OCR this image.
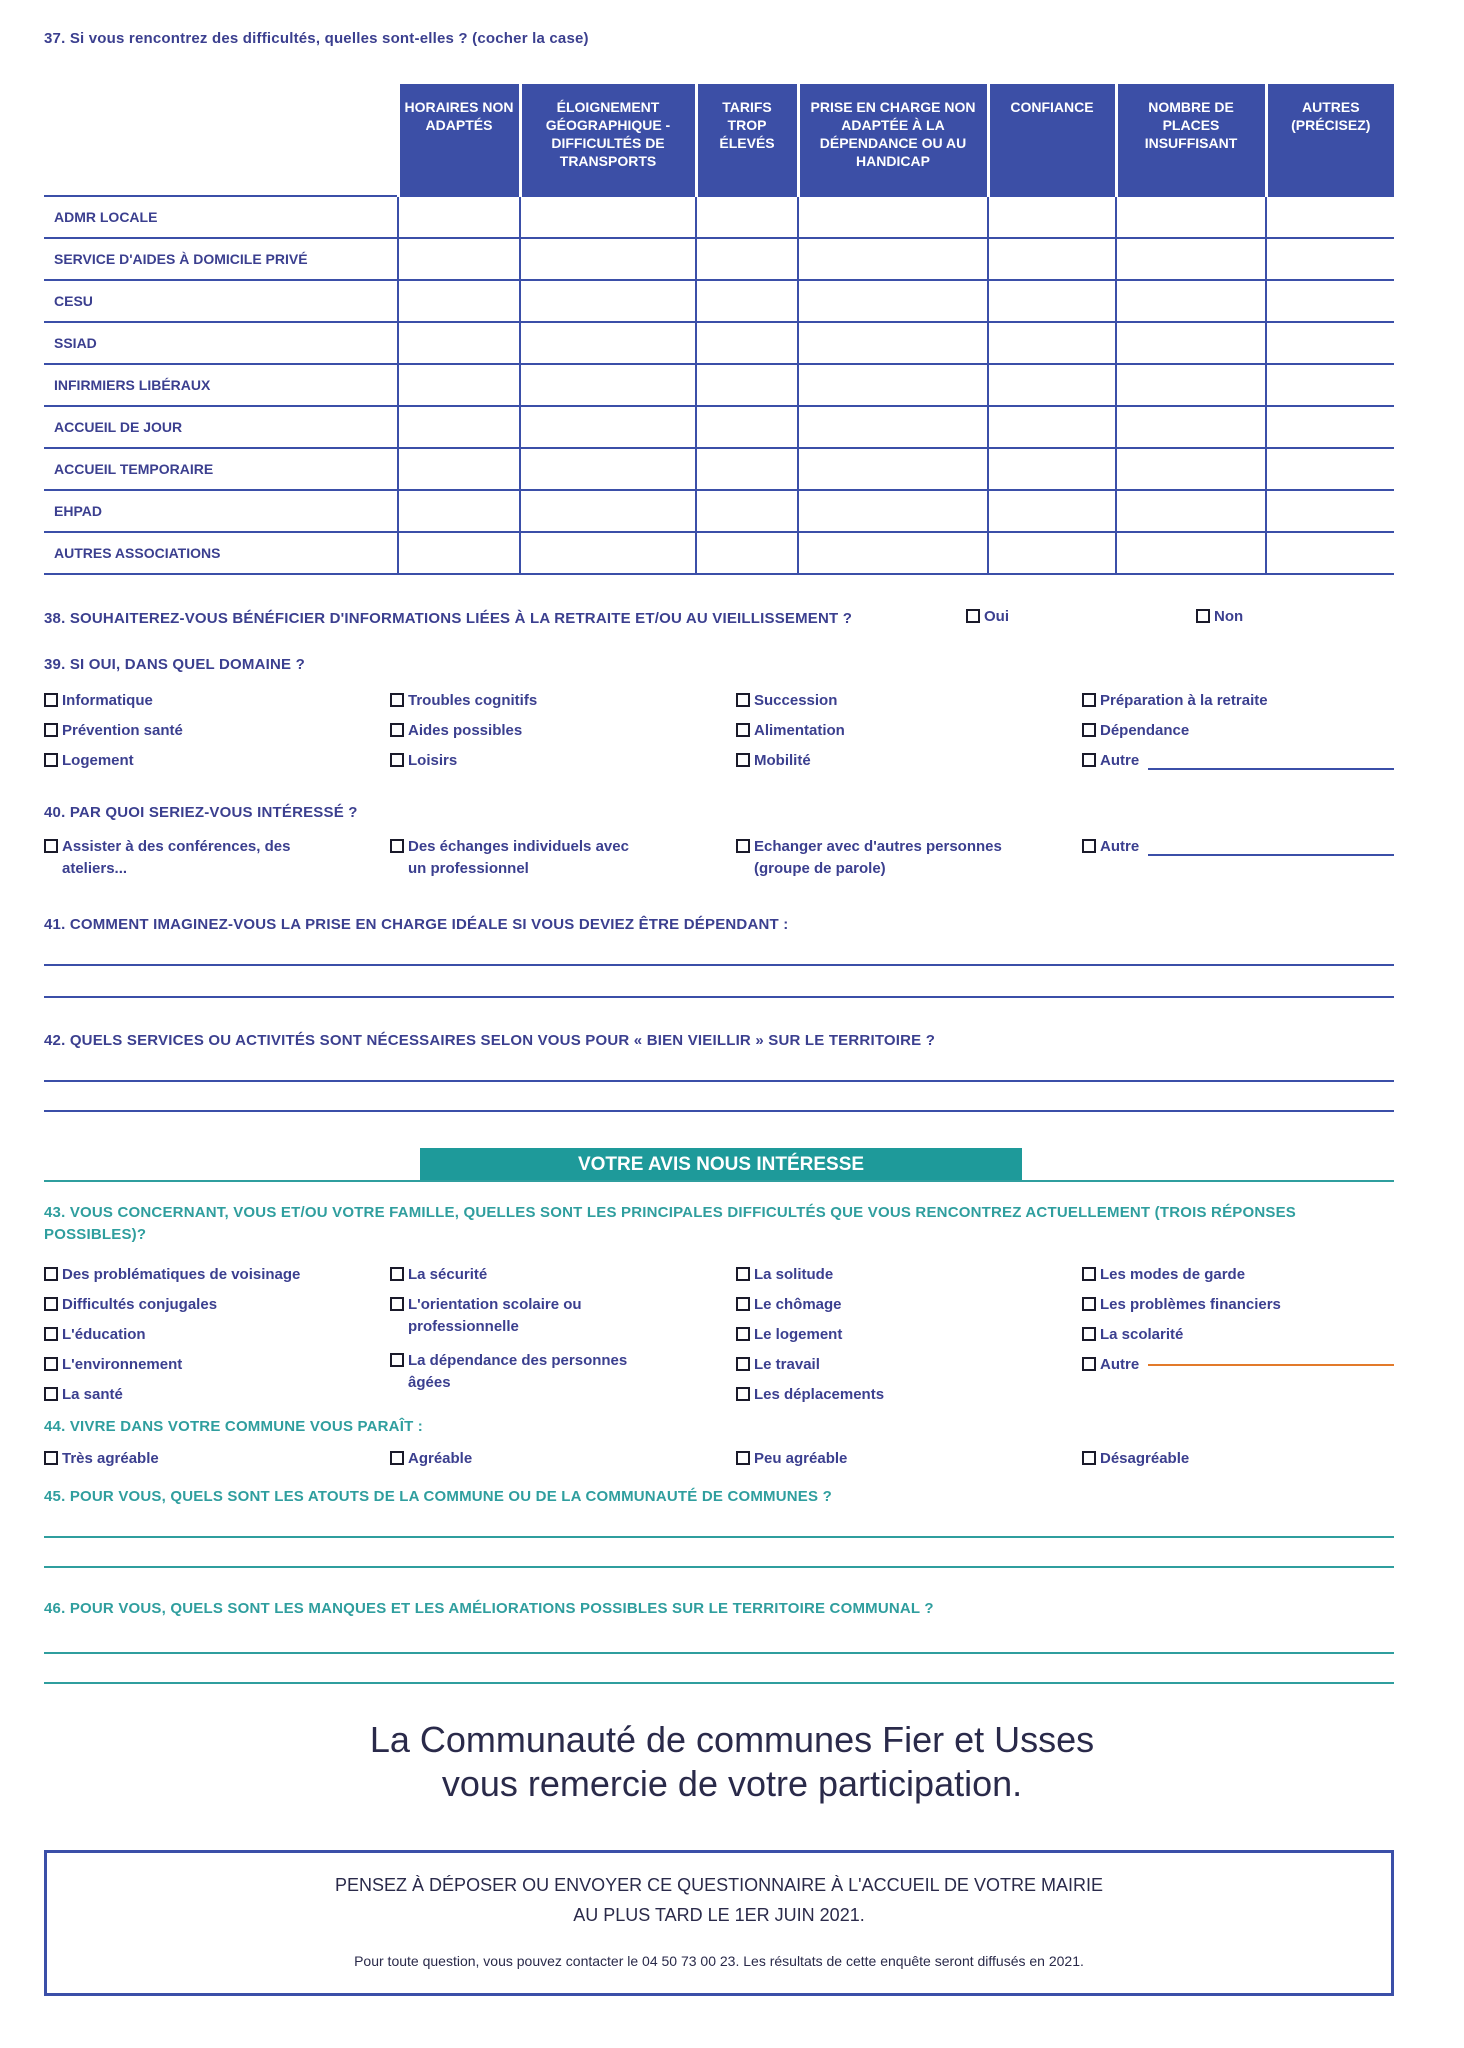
37. Si vous rencontrez des difficultés, quelles sont-elles ? (cocher la case)
	HORAIRES NON ADAPTÉS	ÉLOIGNEMENT GÉOGRAPHIQUE - DIFFICULTÉS DE TRANSPORTS	TARIFS TROP ÉLEVÉS	PRISE EN CHARGE NON ADAPTÉE À LA DÉPENDANCE OU AU HANDICAP	CONFIANCE	NOMBRE DE PLACES INSUFFISANT	AUTRES (PRÉCISEZ)
ADMR LOCALE							
SERVICE D'AIDES À DOMICILE PRIVÉ							
CESU							
SSIAD							
INFIRMIERS LIBÉRAUX							
ACCUEIL DE JOUR							
ACCUEIL TEMPORAIRE							
EHPAD							
AUTRES ASSOCIATIONS							
38. SOUHAITEREZ-VOUS BÉNÉFICIER D'INFORMATIONS LIÉES À LA RETRAITE ET/OU AU VIEILLISSEMENT ?	Oui	Non
39. SI OUI, DANS QUEL DOMAINE ?
Informatique	Troubles cognitifs	Succession	Préparation à la retraite
Prévention santé	Aides possibles	Alimentation	Dépendance
Logement	Loisirs	Mobilité	Autre
40. PAR QUOI SERIEZ-VOUS INTÉRESSÉ ?
Assister à des conférences, des ateliers...
Des échanges individuels avec un professionnel
Echanger avec d'autres personnes (groupe de parole)
Autre
41. COMMENT IMAGINEZ-VOUS LA PRISE EN CHARGE IDÉALE SI VOUS DEVIEZ ÊTRE DÉPENDANT :
42. QUELS SERVICES OU ACTIVITÉS SONT NÉCESSAIRES SELON VOUS POUR « BIEN VIEILLIR » SUR LE TERRITOIRE ?
VOTRE AVIS NOUS INTÉRESSE
43. VOUS CONCERNANT, VOUS ET/OU VOTRE FAMILLE, QUELLES SONT LES PRINCIPALES DIFFICULTÉS QUE VOUS RENCONTREZ ACTUELLEMENT (TROIS RÉPONSES POSSIBLES)?
Des problématiques de voisinage	La sécurité	La solitude	Les modes de garde
Difficultés conjugales	L'orientation scolaire ou professionnelle
Le chômage	Les problèmes financiers
L'éducation	Le logement	La scolarité
L'environnement	La dépendance des personnes âgées
Le travail	Autre
La santé	Les déplacements
44. VIVRE DANS VOTRE COMMUNE VOUS PARAÎT :
Très agréable	Agréable	Peu agréable	Désagréable
45. POUR VOUS, QUELS SONT LES ATOUTS DE LA COMMUNE OU DE LA COMMUNAUTÉ DE COMMUNES ?
46. POUR VOUS, QUELS SONT LES MANQUES ET LES AMÉLIORATIONS POSSIBLES SUR LE TERRITOIRE COMMUNAL ?
La Communauté de communes Fier et Usses
vous remercie de votre participation.
PENSEZ À DÉPOSER OU ENVOYER CE QUESTIONNAIRE À L'ACCUEIL DE VOTRE MAIRIE
AU PLUS TARD LE 1ER JUIN 2021.
Pour toute question, vous pouvez contacter le 04 50 73 00 23. Les résultats de cette enquête seront diffusés en 2021.
